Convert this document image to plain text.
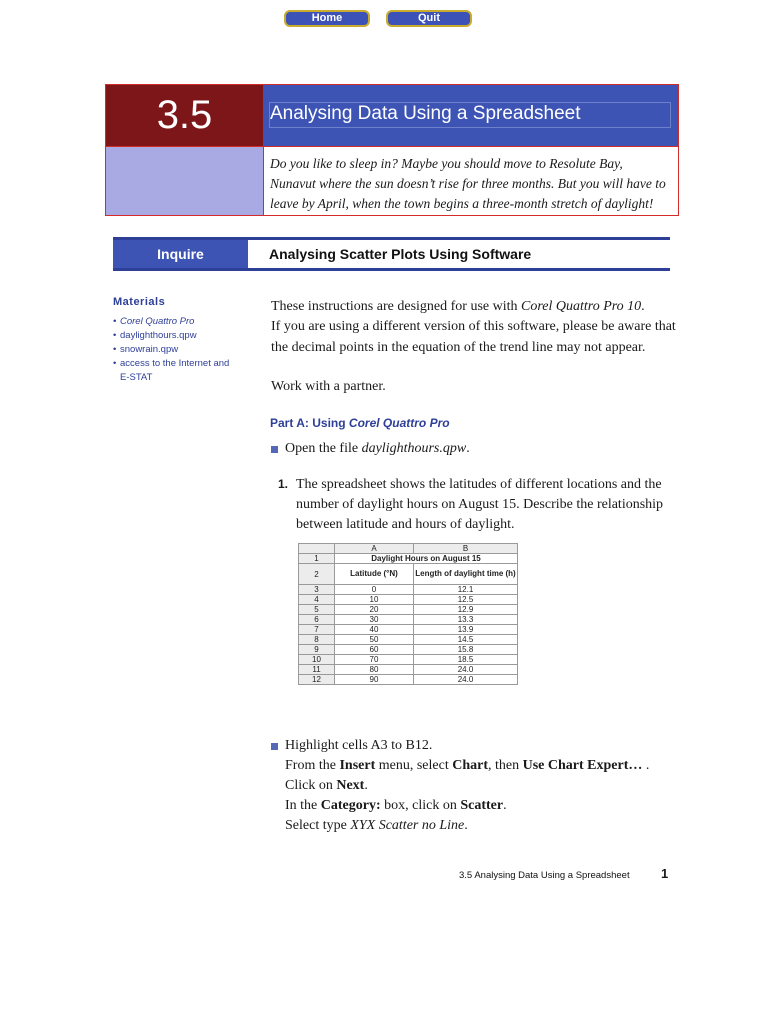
Home	Quit
3.5	Analysing Data Using a Spreadsheet
Do you like to sleep in? Maybe you should move to Resolute Bay, Nunavut where the sun doesn’t rise for three months. But you will have to leave by April, when the town begins a three-month stretch of daylight!
Inquire	Analysing Scatter Plots Using Software
Materials
• Corel Quattro Pro
• daylighthours.qpw
• snowrain.qpw
• access to the Internet and E-STAT
These instructions are designed for use with Corel Quattro Pro 10.
If you are using a different version of this software, please be aware that
the decimal points in the equation of the trend line may not appear.
Work with a partner.
Part A: Using Corel Quattro Pro
Open the file daylighthours.qpw.
1. The spreadsheet shows the latitudes of different locations and the
number of daylight hours on August 15. Describe the relationship
between latitude and hours of daylight.
	A	B
1	Daylight Hours on August 15	
2	Latitude (°N)	Length of daylight time (h)
3	0	12.1
4	10	12.5
5	20	12.9
6	30	13.3
7	40	13.9
8	50	14.5
9	60	15.8
10	70	18.5
11	80	24.0
12	90	24.0
Highlight cells A3 to B12.
From the Insert menu, select Chart, then Use Chart Expert… .
Click on Next.
In the Category: box, click on Scatter.
Select type XYX Scatter no Line.
3.5 Analysing Data Using a Spreadsheet 1
